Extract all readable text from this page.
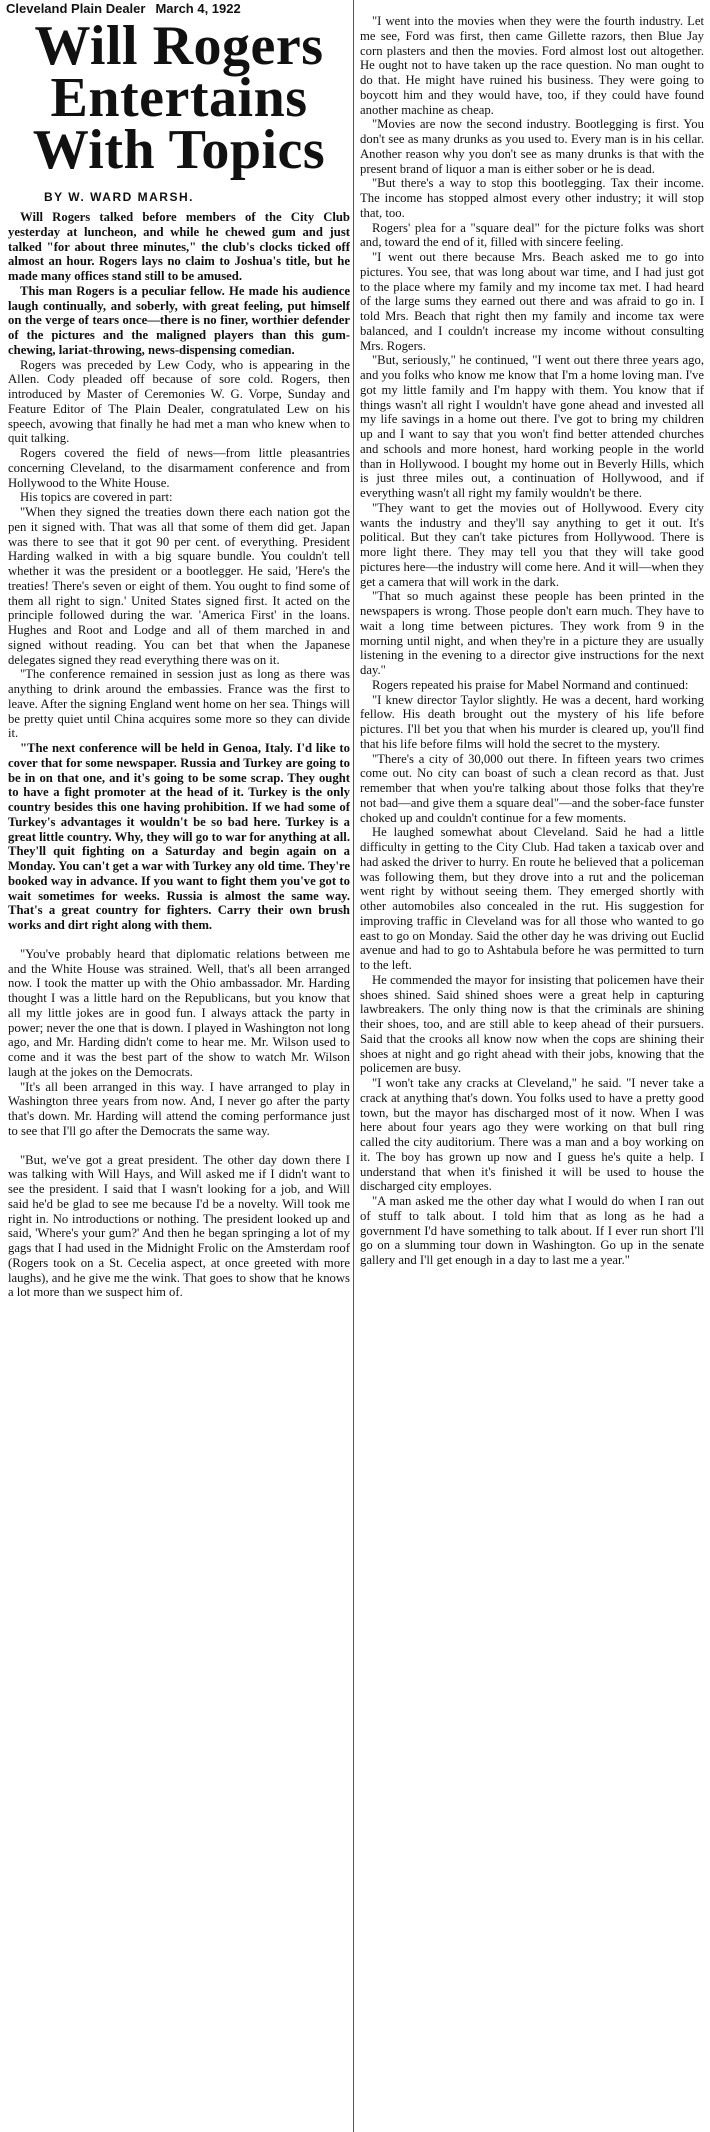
Cleveland Plain Dealer March 4, 1922
Will Rogers
Entertains
With Topics
BY W. WARD MARSH.

Will Rogers talked before members of the City Club yesterday at luncheon, and while he chewed gum and just talked "for about three minutes," the club's clocks ticked off almost an hour. Rogers lays no claim to Joshua's title, but he made many offices stand still to be amused.

This man Rogers is a peculiar fellow. He made his audience laugh continually, and soberly, with great feeling, put himself on the verge of tears once—there is no finer, worthier defender of the pictures and the maligned players than this gum-chewing, lariat-throwing, news-dispensing comedian.

Rogers was preceded by Lew Cody, who is appearing in the Allen. Cody pleaded off because of sore cold. Rogers, then introduced by Master of Ceremonies W. G. Vorpe, Sunday and Feature Editor of The Plain Dealer, congratulated Lew on his speech, avowing that finally he had met a man who knew when to quit talking.

Rogers covered the field of news—from little pleasantries concerning Cleveland, to the disarmament conference and from Hollywood to the White House.

His topics are covered in part:

"When they signed the treaties down there each nation got the pen it signed with. That was all that some of them did get. Japan was there to see that it got 90 per cent. of everything. President Harding walked in with a big square bundle. You couldn't tell whether it was the president or a bootlegger. He said, 'Here's the treaties! There's seven or eight of them. You ought to find some of them all right to sign.' United States signed first. It acted on the principle followed during the war. 'America First' in the loans. Hughes and Root and Lodge and all of them marched in and signed without reading. You can bet that when the Japanese delegates signed they read everything there was on it.

"The conference remained in session just as long as there was anything to drink around the embassies. France was the first to leave. After the signing England went home on her sea. Things will be pretty quiet until China acquires some more so they can divide it.

"The next conference will be held in Genoa, Italy. I'd like to cover that for some newspaper. Russia and Turkey are going to be in on that one, and it's going to be some scrap. They ought to have a fight promoter at the head of it. Turkey is the only country besides this one having prohibition. If we had some of Turkey's advantages it wouldn't be so bad here. Turkey is a great little country. Why, they will go to war for anything at all. They'll quit fighting on a Saturday and begin again on a Monday. You can't get a war with Turkey any old time. They're booked way in advance. If you want to fight them you've got to wait sometimes for weeks. Russia is almost the same way. That's a great country for fighters. Carry their own brush works and dirt right along with them.

"You've probably heard that diplomatic relations between me and the White House was strained. Well, that's all been arranged now. I took the matter up with the Ohio ambassador. Mr. Harding thought I was a little hard on the Republicans, but you know that all my little jokes are in good fun. I always attack the party in power; never the one that is down. I played in Washington not long ago, and Mr. Harding didn't come to hear me. Mr. Wilson used to come and it was the best part of the show to watch Mr. Wilson laugh at the jokes on the Democrats.

"It's all been arranged in this way. I have arranged to play in Washington three years from now. And, I never go after the party that's down. Mr. Harding will attend the coming performance just to see that I'll go after the Democrats the same way.

"But, we've got a great president. The other day down there I was talking with Will Hays, and Will asked me if I didn't want to see the president. I said that I wasn't looking for a job, and Will said he'd be glad to see me because I'd be a novelty. Will took me right in. No introductions or nothing. The president looked up and said, 'Where's your gum?' And then he began springing a lot of my gags that I had used in the Midnight Frolic on the Amsterdam roof (Rogers took on a St. Cecelia aspect, at once greeted with more laughs), and he give me the wink. That goes to show that he knows a lot more than we suspect him of.

"I went into the movies when they were the fourth industry. Let me see, Ford was first, then came Gillette razors, then Blue Jay corn plasters and then the movies. Ford almost lost out altogether. He ought not to have taken up the race question. No man ought to do that. He might have ruined his business. They were going to boycott him and they would have, too, if they could have found another machine as cheap.

"Movies are now the second industry. Bootlegging is first. You don't see as many drunks as you used to. Every man is in his cellar. Another reason why you don't see as many drunks is that with the present brand of liquor a man is either sober or he is dead.

"But there's a way to stop this bootlegging. Tax their income. The income has stopped almost every other industry; it will stop that, too.

Rogers' plea for a "square deal" for the picture folks was short and, toward the end of it, filled with sincere feeling.

"I went out there because Mrs. Beach asked me to go into pictures. You see, that was long about war time, and I had just got to the place where my family and my income tax met. I had heard of the large sums they earned out there and was afraid to go in. I told Mrs. Beach that right then my family and income tax were balanced, and I couldn't increase my income without consulting Mrs. Rogers.

"But, seriously," he continued, "I went out there three years ago, and you folks who know me know that I'm a home loving man. I've got my little family and I'm happy with them. You know that if things wasn't all right I wouldn't have gone ahead and invested all my life savings in a home out there. I've got to bring my children up and I want to say that you won't find better attended churches and schools and more honest, hard working people in the world than in Hollywood. I bought my home out in Beverly Hills, which is just three miles out, a continuation of Hollywood, and if everything wasn't all right my family wouldn't be there.

"They want to get the movies out of Hollywood. Every city wants the industry and they'll say anything to get it out. It's political. But they can't take pictures from Hollywood. There is more light there. They may tell you that they will take good pictures here—the industry will come here. And it will—when they get a camera that will work in the dark.

"That so much against these people has been printed in the newspapers is wrong. Those people don't earn much. They have to wait a long time between pictures. They work from 9 in the morning until night, and when they're in a picture they are usually listening in the evening to a director give instructions for the next day."

Rogers repeated his praise for Mabel Normand and continued:

"I knew director Taylor slightly. He was a decent, hard working fellow. His death brought out the mystery of his life before pictures. I'll bet you that when his murder is cleared up, you'll find that his life before films will hold the secret to the mystery.

"There's a city of 30,000 out there. In fifteen years two crimes come out. No city can boast of such a clean record as that. Just remember that when you're talking about those folks that they're not bad—and give them a square deal"—and the sober-face funster choked up and couldn't continue for a few moments.

He laughed somewhat about Cleveland. Said he had a little difficulty in getting to the City Club. Had taken a taxicab over and had asked the driver to hurry. En route he believed that a policeman was following them, but they drove into a rut and the policeman went right by without seeing them. They emerged shortly with other automobiles also concealed in the rut. His suggestion for improving traffic in Cleveland was for all those who wanted to go east to go on Monday. Said the other day he was driving out Euclid avenue and had to go to Ashtabula before he was permitted to turn to the left.

He commended the mayor for insisting that policemen have their shoes shined. Said shined shoes were a great help in capturing lawbreakers. The only thing now is that the criminals are shining their shoes, too, and are still able to keep ahead of their pursuers. Said that the crooks all know now when the cops are shining their shoes at night and go right ahead with their jobs, knowing that the policemen are busy.

"I won't take any cracks at Cleveland," he said. "I never take a crack at anything that's down. You folks used to have a pretty good town, but the mayor has discharged most of it now. When I was here about four years ago they were working on that bull ring called the city auditorium. There was a man and a boy working on it. The boy has grown up now and I guess he's quite a help. I understand that when it's finished it will be used to house the discharged city employes.

"A man asked me the other day what I would do when I ran out of stuff to talk about. I told him that as long as he had a government I'd have something to talk about. If I ever run short I'll go on a slumming tour down in Washington. Go up in the senate gallery and I'll get enough in a day to last me a year."
